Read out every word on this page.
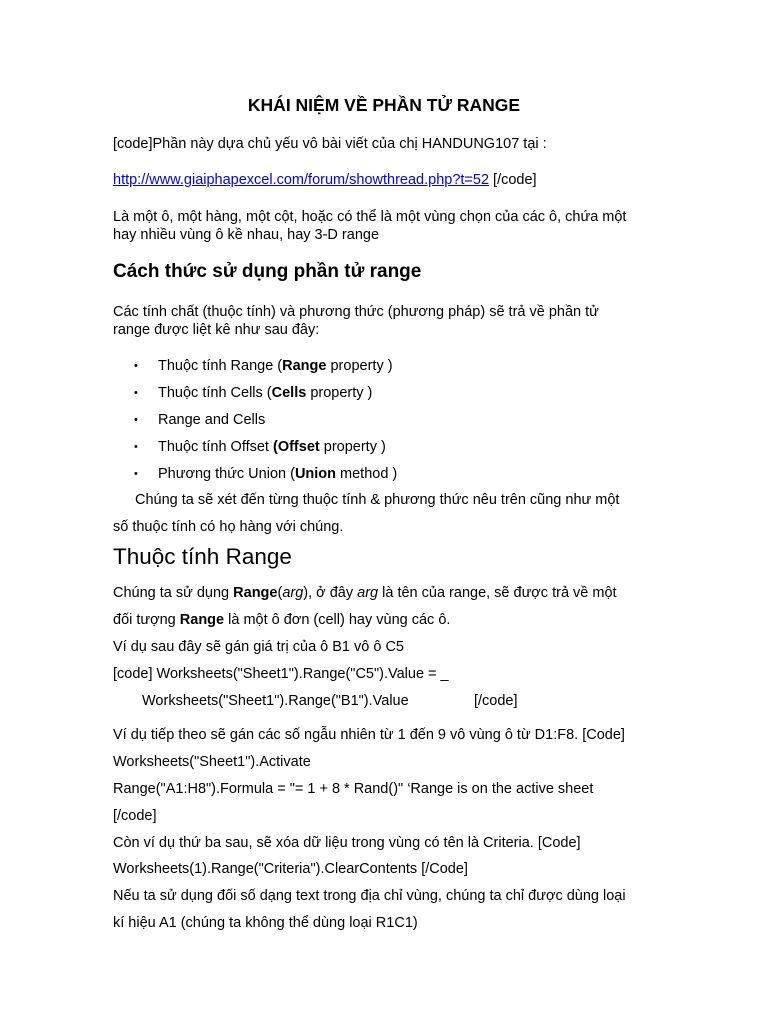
KHÁI NIỆM VỀ PHẦN TỬ RANGE
[code]Phần này dựa chủ yếu vô bài viết của chị HANDUNG107 tại :
http://www.giaiphapexcel.com/forum/showthread.php?t=52 [/code]
Là một ô, một hàng, một cột, hoặc có thể là một vùng chọn của các ô, chứa một
hay nhiều vùng ô kề nhau, hay 3-D range
Cách thức sử dụng phần tử range
Các tính chất (thuộc tính) và phương thức (phương pháp) sẽ trả về phần tử
range được liệt kê như sau đây:
• Thuộc tính Range (Range property )
• Thuộc tính Cells (Cells property )
• Range and Cells
• Thuộc tính Offset (Offset property )
• Phương thức Union (Union method )
Chúng ta sẽ xét đến từng thuộc tính & phương thức nêu trên cũng như một
số thuộc tính có họ hàng với chúng.
Thuộc tính Range
Chúng ta sử dụng Range(arg), ở đây arg là tên của range, sẽ được trả về một
đối tượng Range là một ô đơn (cell) hay vùng các ô.
Ví dụ sau đây sẽ gán giá trị của ô B1 vô ô C5
[code] Worksheets("Sheet1").Range("C5").Value = _
Worksheets("Sheet1").Range("B1").Value	[/code]
Ví dụ tiếp theo sẽ gán các số ngẫu nhiên từ 1 đến 9 vô vùng ô từ D1:F8. [Code]
Worksheets("Sheet1").Activate
Range("A1:H8").Formula = "= 1 + 8 * Rand()" ‘Range is on the active sheet
[/code]
Còn ví dụ thứ ba sau, sẽ xóa dữ liệu trong vùng có tên là Criteria. [Code]
Worksheets(1).Range("Criteria").ClearContents [/Code]
Nếu ta sử dụng đối số dạng text trong địa chỉ vùng, chúng ta chỉ được dùng loại
kí hiệu A1 (chúng ta không thể dùng loại R1C1)
